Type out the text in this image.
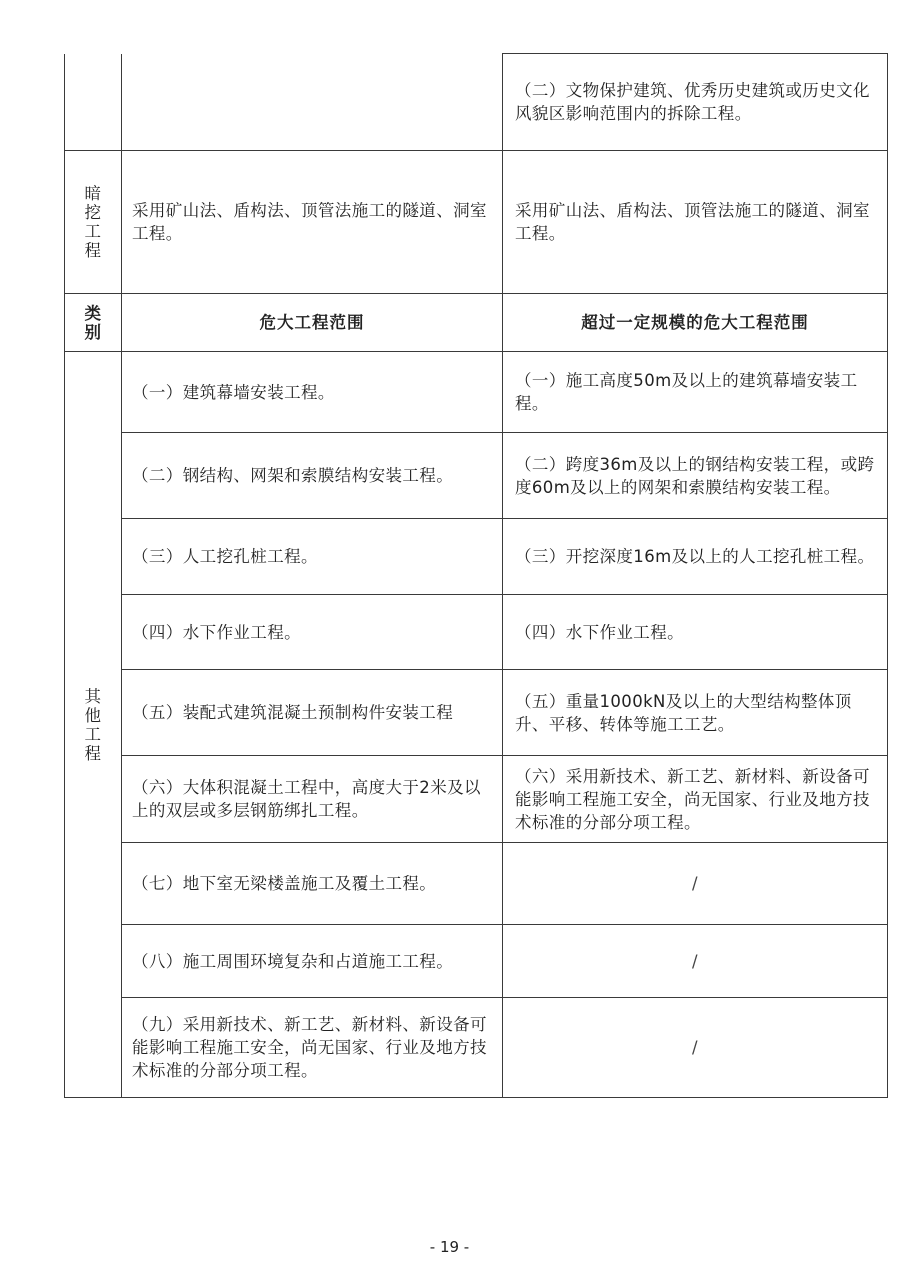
		（二）文物保护建筑、优秀历史建筑或历史文化风貌区影响范围内的拆除工程。

暗挖工程	采用矿山法、盾构法、顶管法施工的隧道、洞室工程。	采用矿山法、盾构法、顶管法施工的隧道、洞室工程。

类别	危大工程范围	超过一定规模的危大工程范围

其他工程	（一）建筑幕墙安装工程。	（一）施工高度50m及以上的建筑幕墙安装工程。
	（二）钢结构、网架和索膜结构安装工程。	（二）跨度36m及以上的钢结构安装工程，或跨度60m及以上的网架和索膜结构安装工程。
	（三）人工挖孔桩工程。	（三）开挖深度16m及以上的人工挖孔桩工程。
	（四）水下作业工程。	（四）水下作业工程。
	（五）装配式建筑混凝土预制构件安装工程	（五）重量1000kN及以上的大型结构整体顶升、平移、转体等施工工艺。
	（六）大体积混凝土工程中，高度大于2米及以上的双层或多层钢筋绑扎工程。	（六）采用新技术、新工艺、新材料、新设备可能影响工程施工安全，尚无国家、行业及地方技术标准的分部分项工程。
	（七）地下室无梁楼盖施工及覆土工程。	/
	（八）施工周围环境复杂和占道施工工程。	/
	（九）采用新技术、新工艺、新材料、新设备可能影响工程施工安全，尚无国家、行业及地方技术标准的分部分项工程。	/
- 19 -
